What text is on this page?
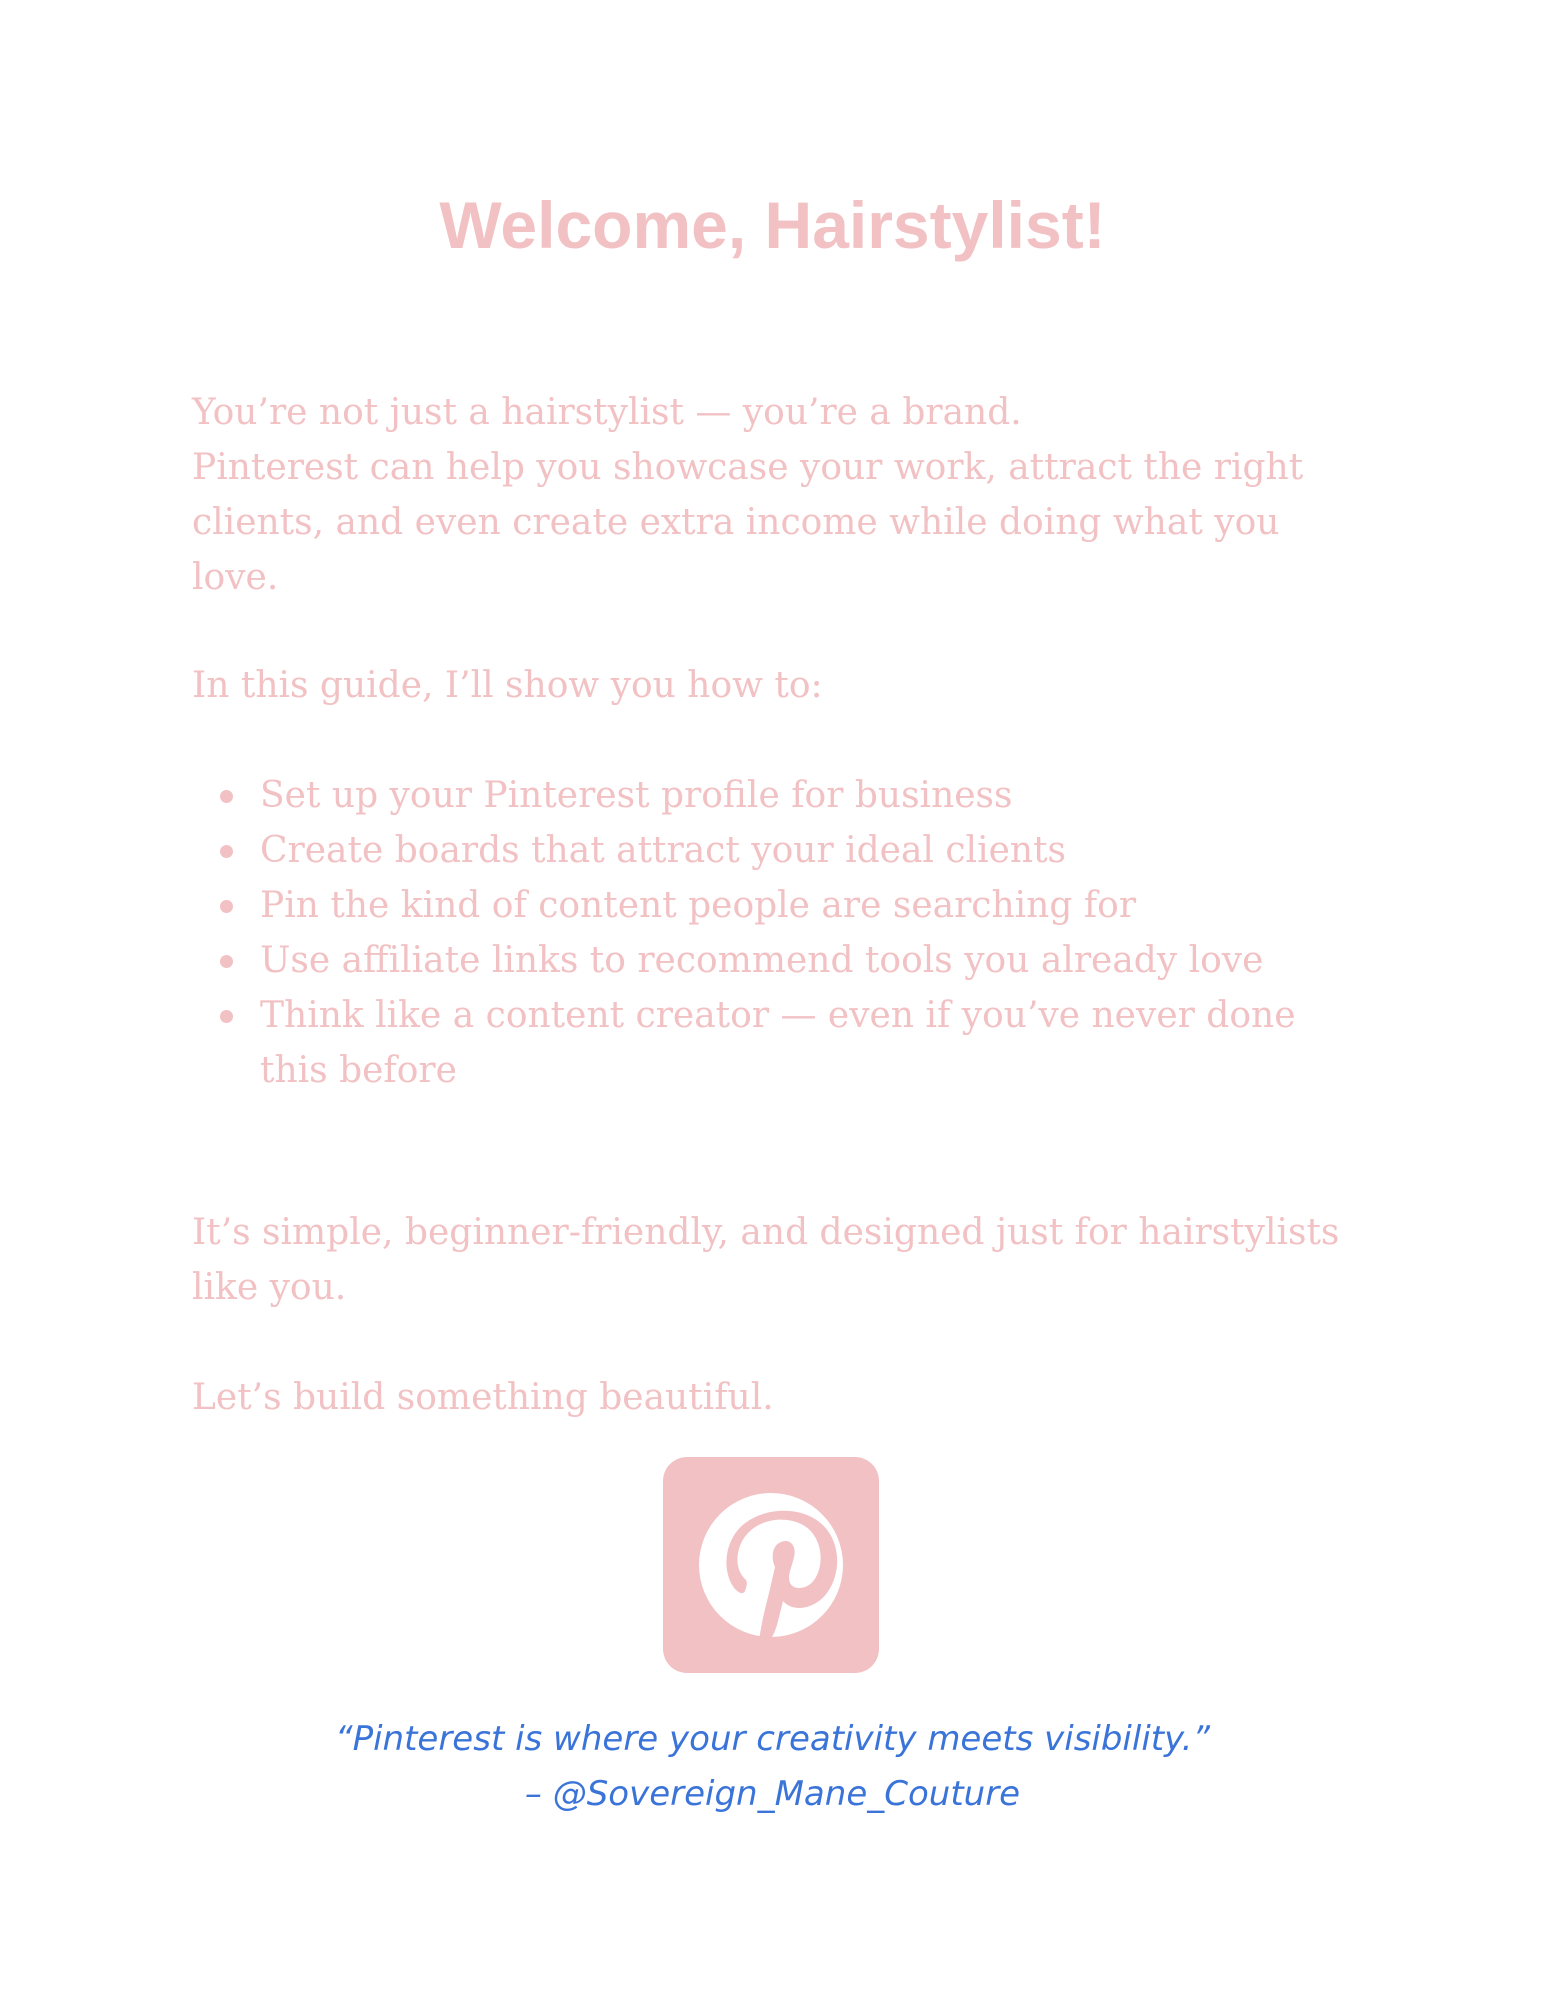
Welcome, Hairstylist!
You’re not just a hairstylist — you’re a brand.
Pinterest can help you showcase your work, attract the right clients, and even create extra income while doing what you love.
In this guide, I’ll show you how to:
Set up your Pinterest profile for business
Create boards that attract your ideal clients
Pin the kind of content people are searching for
Use affiliate links to recommend tools you already love
Think like a content creator — even if you’ve never done this before
It’s simple, beginner-friendly, and designed just for hairstylists like you.
Let’s build something beautiful.
“Pinterest is where your creativity meets visibility.”
– @Sovereign_Mane_Couture
